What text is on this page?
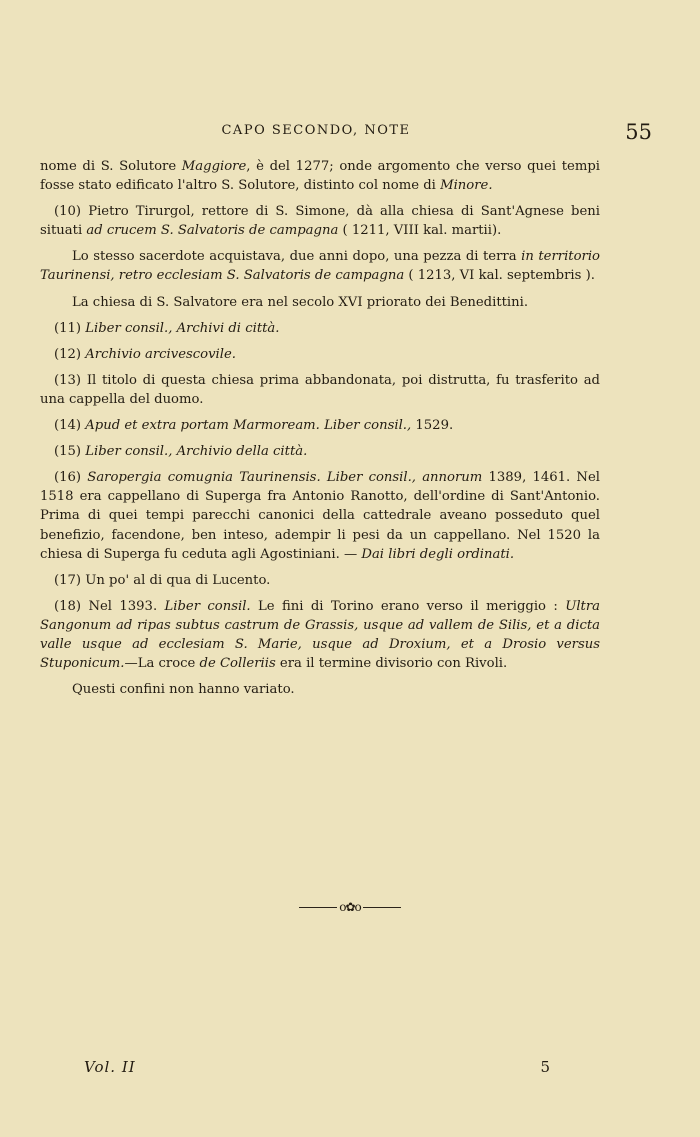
CAPO SECONDO, NOTE	55

nome di S. Solutore Maggiore, è del 1277; onde argomento che verso quei tempi fosse stato edificato l'altro S. Solutore, distinto col nome di Minore.

(10) Pietro Tirurgol, rettore di S. Simone, dà alla chiesa di Sant'Agnese beni situati ad crucem S. Salvatoris de campagna ( 1211, VIII kal. martii).

Lo stesso sacerdote acquistava, due anni dopo, una pezza di terra in territorio Taurinensi, retro ecclesiam S. Salvatoris de campagna ( 1213, VI kal. septembris ).

La chiesa di S. Salvatore era nel secolo XVI priorato dei Benedittini.

(11) Liber consil., Archivi di città.

(12) Archivio arcivescovile.

(13) Il titolo di questa chiesa prima abbandonata, poi distrutta, fu trasferito ad una cappella del duomo.

(14) Apud et extra portam Marmoream. Liber consil., 1529.

(15) Liber consil., Archivio della città.

(16) Saropergia comugnia Taurinensis. Liber consil., annorum 1389, 1461. Nel 1518 era cappellano di Superga fra Antonio Ranotto, dell'ordine di Sant'Antonio. Prima di quei tempi parecchi canonici della cattedrale aveano posseduto quel benefizio, facendone, ben inteso, adempir li pesi da un cappellano. Nel 1520 la chiesa di Superga fu ceduta agli Agostiniani. — Dai libri degli ordinati.

(17) Un po' al di qua di Lucento.

(18) Nel 1393. Liber consil. Le fini di Torino erano verso il meriggio : Ultra Sangonum ad ripas subtus castrum de Grassis, usque ad vallem de Silis, et a dicta valle usque ad ecclesiam S. Marie, usque ad Droxium, et a Drosio versus Stuponicum.—La croce de Colleriis era il termine divisorio con Rivoli.

Questi confini non hanno variato.

o✿o
Vol. II	5
